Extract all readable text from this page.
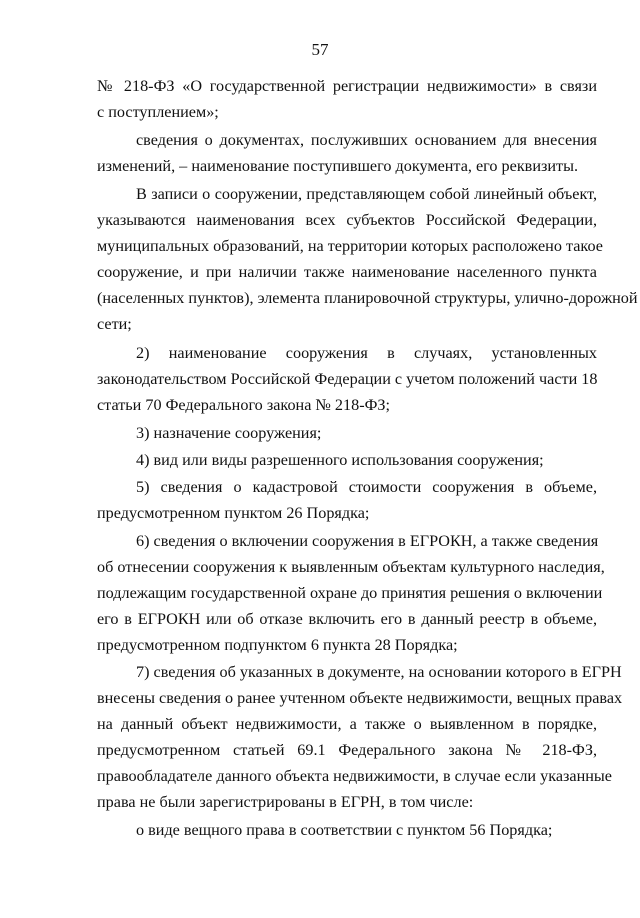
57

№ 218-ФЗ «О государственной регистрации недвижимости» в связи

с поступлением»;

сведения о документах, послуживших основанием для внесения

изменений, – наименование поступившего документа, его реквизиты.

В записи о сооружении, представляющем собой линейный объект,

указываются наименования всех субъектов Российской Федерации,

муниципальных образований, на территории которых расположено такое

сооружение, и при наличии также наименование населенного пункта

(населенных пунктов), элемента планировочной структуры, улично-дорожной

сети;

2) наименование сооружения в случаях, установленных

законодательством Российской Федерации с учетом положений части 18

статьи 70 Федерального закона № 218-ФЗ;

3) назначение сооружения;

4) вид или виды разрешенного использования сооружения;

5) сведения о кадастровой стоимости сооружения в объеме,

предусмотренном пунктом 26 Порядка;

6) сведения о включении сооружения в ЕГРОКН, а также сведения

об отнесении сооружения к выявленным объектам культурного наследия,

подлежащим государственной охране до принятия решения о включении

его в ЕГРОКН или об отказе включить его в данный реестр в объеме,

предусмотренном подпунктом 6 пункта 28 Порядка;

7) сведения об указанных в документе, на основании которого в ЕГРН

внесены сведения о ранее учтенном объекте недвижимости, вещных правах

на данный объект недвижимости, а также о выявленном в порядке,

предусмотренном статьей 69.1 Федерального закона № 218-ФЗ,

правообладателе данного объекта недвижимости, в случае если указанные

права не были зарегистрированы в ЕГРН, в том числе:

о виде вещного права в соответствии с пунктом 56 Порядка;
